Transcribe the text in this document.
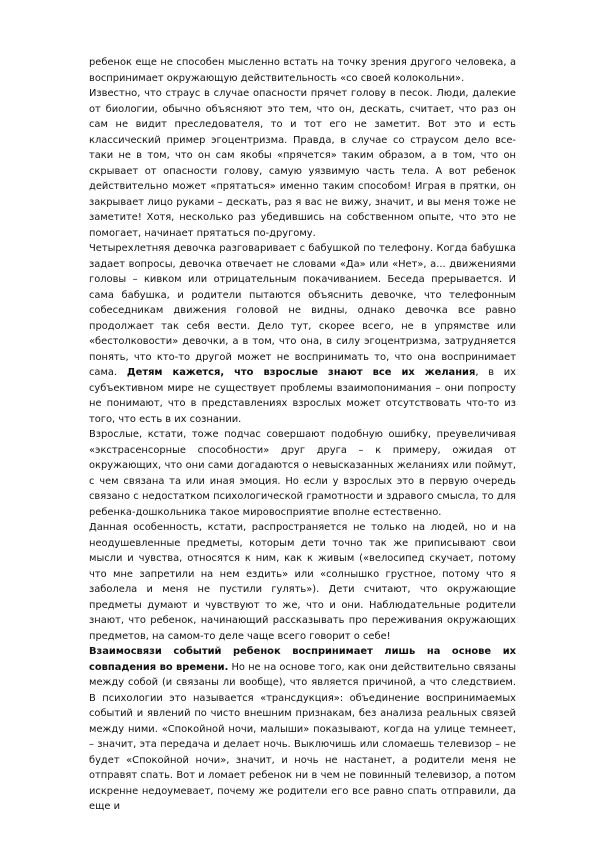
ребенок еще не способен мысленно встать на точку зрения другого человека, а воспринимает окружающую действительность «со своей колокольни».

Известно, что страус в случае опасности прячет голову в песок. Люди, далекие от биологии, обычно объясняют это тем, что он, дескать, считает, что раз он сам не видит преследователя, то и тот его не заметит. Вот это и есть классический пример эгоцентризма. Правда, в случае со страусом дело все-таки не в том, что он сам якобы «прячется» таким образом, а в том, что он скрывает от опасности голову, самую уязвимую часть тела. А вот ребенок действительно может «прятаться» именно таким способом! Играя в прятки, он закрывает лицо руками – дескать, раз я вас не вижу, значит, и вы меня тоже не заметите! Хотя, несколько раз убедившись на собственном опыте, что это не помогает, начинает прятаться по-другому.

Четырехлетняя девочка разговаривает с бабушкой по телефону. Когда бабушка задает вопросы, девочка отвечает не словами «Да» или «Нет», а... движениями головы – кивком или отрицательным покачиванием. Беседа прерывается. И сама бабушка, и родители пытаются объяснить девочке, что телефонным собеседникам движения головой не видны, однако девочка все равно продолжает так себя вести. Дело тут, скорее всего, не в упрямстве или «бестолковости» девочки, а в том, что она, в силу эгоцентризма, затрудняется понять, что кто-то другой может не воспринимать то, что она воспринимает сама. Детям кажется, что взрослые знают все их желания, в их субъективном мире не существует проблемы взаимопонимания – они попросту не понимают, что в представлениях взрослых может отсутствовать что-то из того, что есть в их сознании.

Взрослые, кстати, тоже подчас совершают подобную ошибку, преувеличивая «экстрасенсорные способности» друг друга – к примеру, ожидая от окружающих, что они сами догадаются о невысказанных желаниях или поймут, с чем связана та или иная эмоция. Но если у взрослых это в первую очередь связано с недостатком психологической грамотности и здравого смысла, то для ребенка-дошкольника такое мировосприятие вполне естественно.

Данная особенность, кстати, распространяется не только на людей, но и на неодушевленные предметы, которым дети точно так же приписывают свои мысли и чувства, относятся к ним, как к живым («велосипед скучает, потому что мне запретили на нем ездить» или «солнышко грустное, потому что я заболела и меня не пустили гулять»). Дети считают, что окружающие предметы думают и чувствуют то же, что и они. Наблюдательные родители знают, что ребенок, начинающий рассказывать про переживания окружающих предметов, на самом-то деле чаще всего говорит о себе!

Взаимосвязи событий ребенок воспринимает лишь на основе их совпадения во времени. Но не на основе того, как они действительно связаны между собой (и связаны ли вообще), что является причиной, а что следствием. В психологии это называется «трансдукция»: объединение воспринимаемых событий и явлений по чисто внешним признакам, без анализа реальных связей между ними. «Спокойной ночи, малыши» показывают, когда на улице темнеет, – значит, эта передача и делает ночь. Выключишь или сломаешь телевизор – не будет «Спокойной ночи», значит, и ночь не настанет, а родители меня не отправят спать. Вот и ломает ребенок ни в чем не повинный телевизор, а потом искренне недоумевает, почему же родители его все равно спать отправили, да еще и
